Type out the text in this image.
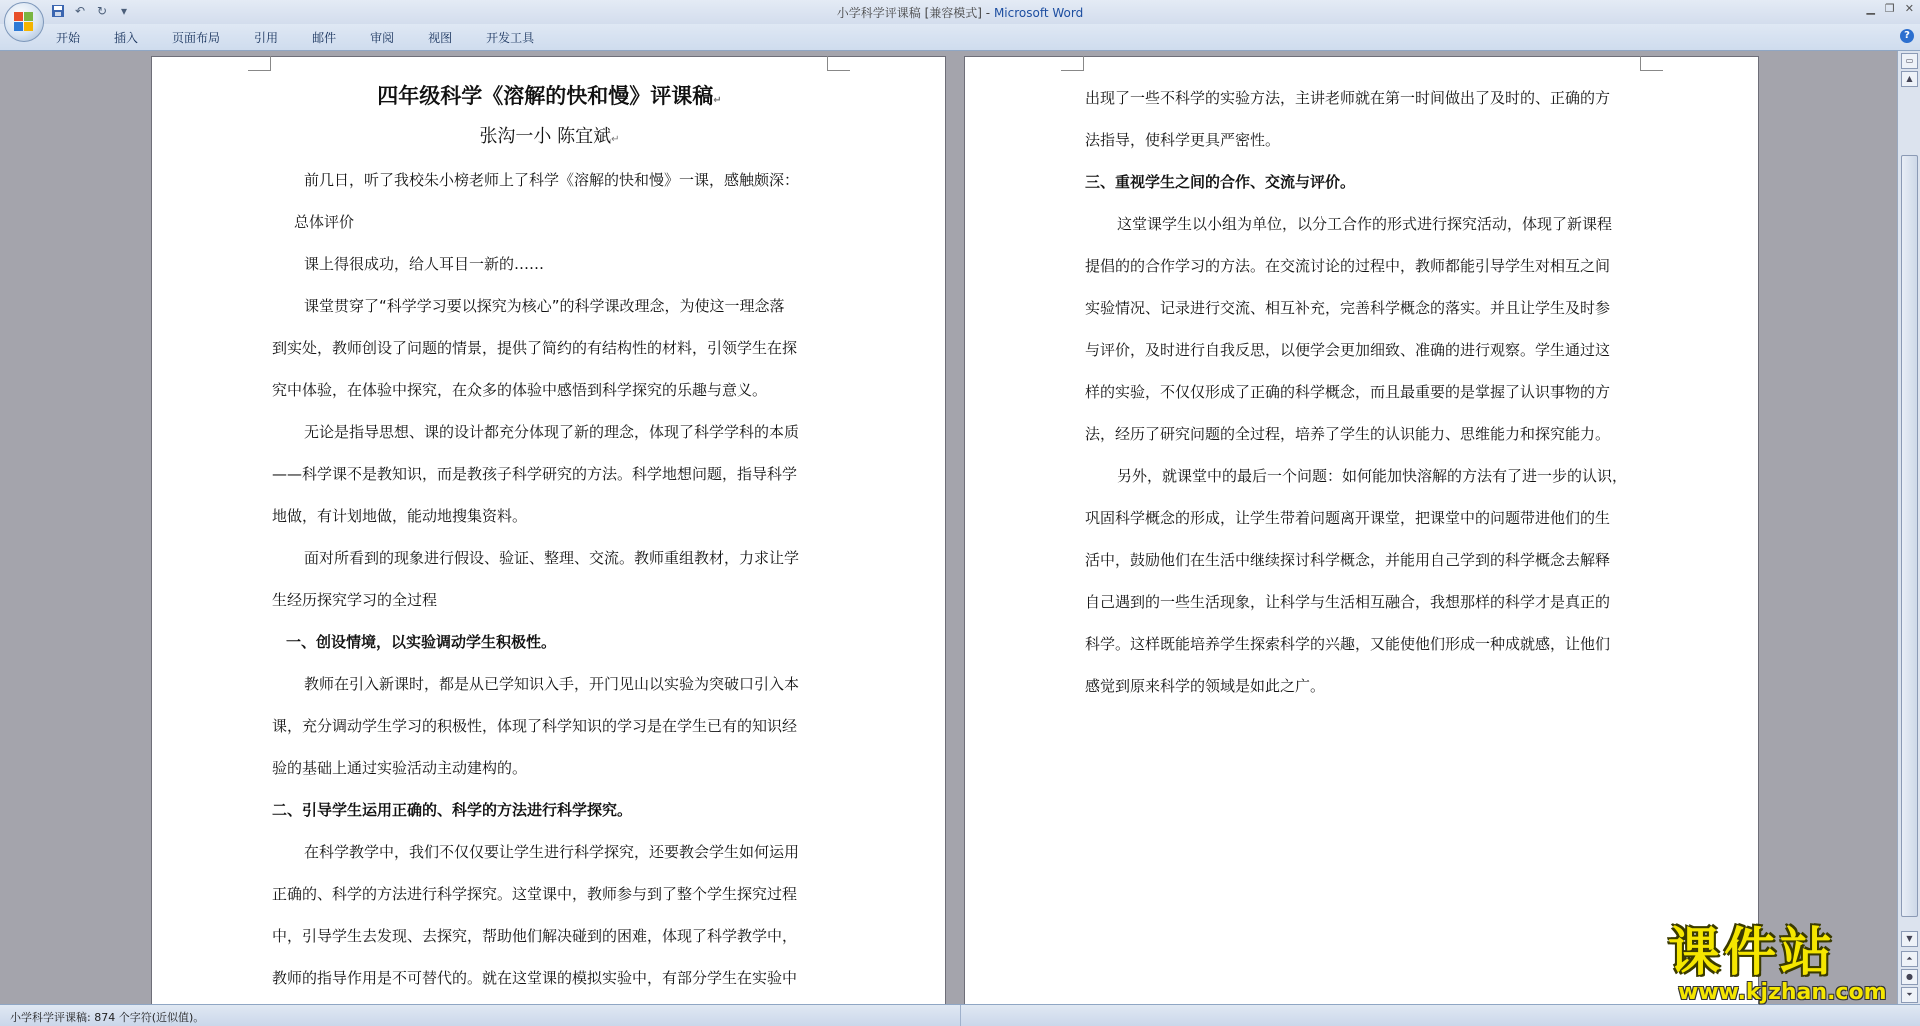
↶ ↻	▾	小学科学评课稿 [兼容模式] - Microsoft Word	▁ ❐ ✕
开始	插入	页面布局	引用	邮件	审阅	视图	开发工具	?
四年级科学《溶解的快和慢》评课稿↵
张沟一小 陈宜斌↵
前几日，听了我校朱小榜老师上了科学《溶解的快和慢》一课，感触颇深：
总体评价
课上得很成功，给人耳目一新的……
课堂贯穿了“科学学习要以探究为核心”的科学课改理念，为使这一理念落
到实处，教师创设了问题的情景，提供了简约的有结构性的材料，引领学生在探
究中体验，在体验中探究，在众多的体验中感悟到科学探究的乐趣与意义。
无论是指导思想、课的设计都充分体现了新的理念，体现了科学学科的本质
——科学课不是教知识，而是教孩子科学研究的方法。科学地想问题，指导科学
地做，有计划地做，能动地搜集资料。
面对所看到的现象进行假设、验证、整理、交流。教师重组教材，力求让学
生经历探究学习的全过程
一、创设情境，以实验调动学生积极性。
教师在引入新课时，都是从已学知识入手，开门见山以实验为突破口引入本
课，充分调动学生学习的积极性，体现了科学知识的学习是在学生已有的知识经
验的基础上通过实验活动主动建构的。
二、引导学生运用正确的、科学的方法进行科学探究。
在科学教学中，我们不仅仅要让学生进行科学探究，还要教会学生如何运用
正确的、科学的方法进行科学探究。这堂课中，教师参与到了整个学生探究过程
中，引导学生去发现、去探究，帮助他们解决碰到的困难，体现了科学教学中，
教师的指导作用是不可替代的。就在这堂课的模拟实验中，有部分学生在实验中
出现了一些不科学的实验方法，主讲老师就在第一时间做出了及时的、正确的方
法指导，使科学更具严密性。
三、重视学生之间的合作、交流与评价。
这堂课学生以小组为单位，以分工合作的形式进行探究活动，体现了新课程
提倡的的合作学习的方法。在交流讨论的过程中，教师都能引导学生对相互之间
实验情况、记录进行交流、相互补充，完善科学概念的落实。并且让学生及时参
与评价，及时进行自我反思，以便学会更加细致、准确的进行观察。学生通过这
样的实验，不仅仅形成了正确的科学概念，而且最重要的是掌握了认识事物的方
法，经历了研究问题的全过程，培养了学生的认识能力、思维能力和探究能力。
另外，就课堂中的最后一个问题：如何能加快溶解的方法有了进一步的认识，
巩固科学概念的形成，让学生带着问题离开课堂，把课堂中的问题带进他们的生
活中，鼓励他们在生活中继续探讨科学概念，并能用自己学到的科学概念去解释
自己遇到的一些生活现象，让科学与生活相互融合，我想那样的科学才是真正的
科学。这样既能培养学生探索科学的兴趣，又能使他们形成一种成就感，让他们
感觉到原来科学的领域是如此之广。
▭
▲
▼
⏶
●
⏷
小学科学评课稿: 874 个字符(近似值)。
课件站
www.kjzhan.com
